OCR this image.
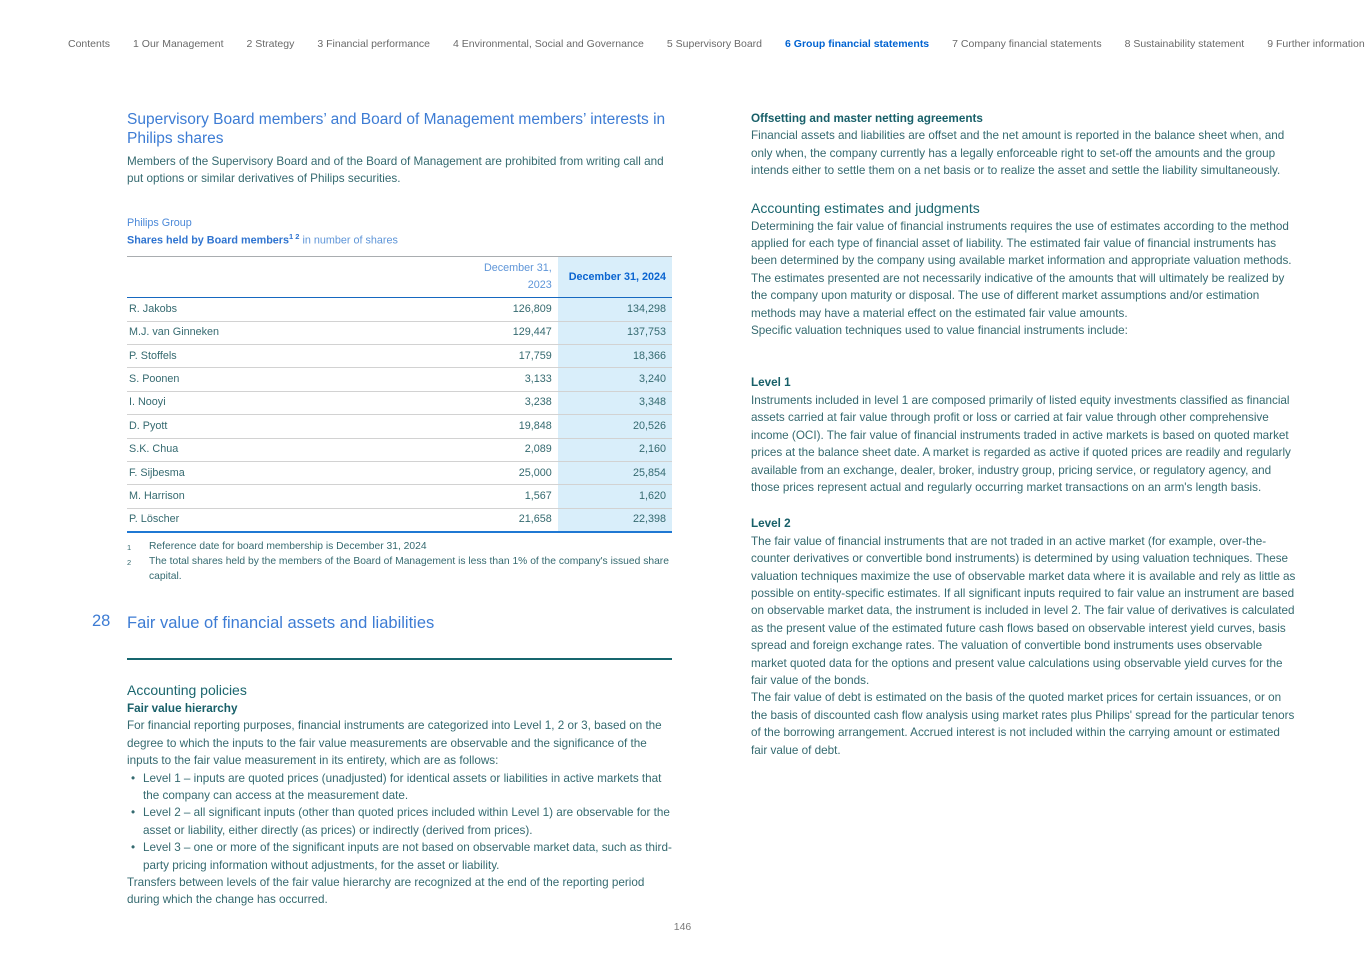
Contents 1 Our Management 2 Strategy 3 Financial performance 4 Environmental, Social and Governance 5 Supervisory Board 6 Group financial statements 7 Company financial statements 8 Sustainability statement 9 Further information
Supervisory Board members’ and Board of Management members’ interests in Philips shares

Members of the Supervisory Board and of the Board of Management are prohibited from writing call and put options or similar derivatives of Philips securities.

Philips Group
Shares held by Board members$^{1 2}$ in number of shares
	December 31, 2023	December 31, 2024
R. Jakobs	126,809	134,298
M.J. van Ginneken	129,447	137,753
P. Stoffels	17,759	18,366
S. Poonen	3,133	3,240
I. Nooyi	3,238	3,348
D. Pyott	19,848	20,526
S.K. Chua	2,089	2,160
F. Sijbesma	25,000	25,854
M. Harrison	1,567	1,620
P. Löscher	21,658	22,398
1	Reference date for board membership is December 31, 2024
2	The total shares held by the members of the Board of Management is less than 1% of the company's issued share capital.
28 Fair value of financial assets and liabilities
Accounting policies
Fair value hierarchy

For financial reporting purposes, financial instruments are categorized into Level 1, 2 or 3, based on the degree to which the inputs to the fair value measurements are observable and the significance of the inputs to the fair value measurement in its entirety, which are as follows:

• Level 1 – inputs are quoted prices (unadjusted) for identical assets or liabilities in active markets that the company can access at the measurement date.
• Level 2 – all significant inputs (other than quoted prices included within Level 1) are observable for the asset or liability, either directly (as prices) or indirectly (derived from prices).
• Level 3 – one or more of the significant inputs are not based on observable market data, such as third-party pricing information without adjustments, for the asset or liability.

Transfers between levels of the fair value hierarchy are recognized at the end of the reporting period during which the change has occurred.

Offsetting and master netting agreements

Financial assets and liabilities are offset and the net amount is reported in the balance sheet when, and only when, the company currently has a legally enforceable right to set-off the amounts and the group intends either to settle them on a net basis or to realize the asset and settle the liability simultaneously.

Accounting estimates and judgments

Determining the fair value of financial instruments requires the use of estimates according to the method applied for each type of financial asset of liability. The estimated fair value of financial instruments has been determined by the company using available market information and appropriate valuation methods. The estimates presented are not necessarily indicative of the amounts that will ultimately be realized by the company upon maturity or disposal. The use of different market assumptions and/or estimation methods may have a material effect on the estimated fair value amounts.

Specific valuation techniques used to value financial instruments include:

Level 1

Instruments included in level 1 are composed primarily of listed equity investments classified as financial assets carried at fair value through profit or loss or carried at fair value through other comprehensive income (OCI). The fair value of financial instruments traded in active markets is based on quoted market prices at the balance sheet date. A market is regarded as active if quoted prices are readily and regularly available from an exchange, dealer, broker, industry group, pricing service, or regulatory agency, and those prices represent actual and regularly occurring market transactions on an arm's length basis.

Level 2

The fair value of financial instruments that are not traded in an active market (for example, over-the-counter derivatives or convertible bond instruments) is determined by using valuation techniques. These valuation techniques maximize the use of observable market data where it is available and rely as little as possible on entity-specific estimates. If all significant inputs required to fair value an instrument are based on observable market data, the instrument is included in level 2. The fair value of derivatives is calculated as the present value of the estimated future cash flows based on observable interest yield curves, basis spread and foreign exchange rates. The valuation of convertible bond instruments uses observable market quoted data for the options and present value calculations using observable yield curves for the fair value of the bonds.

The fair value of debt is estimated on the basis of the quoted market prices for certain issuances, or on the basis of discounted cash flow analysis using market rates plus Philips' spread for the particular tenors of the borrowing arrangement. Accrued interest is not included within the carrying amount or estimated fair value of debt.

146
